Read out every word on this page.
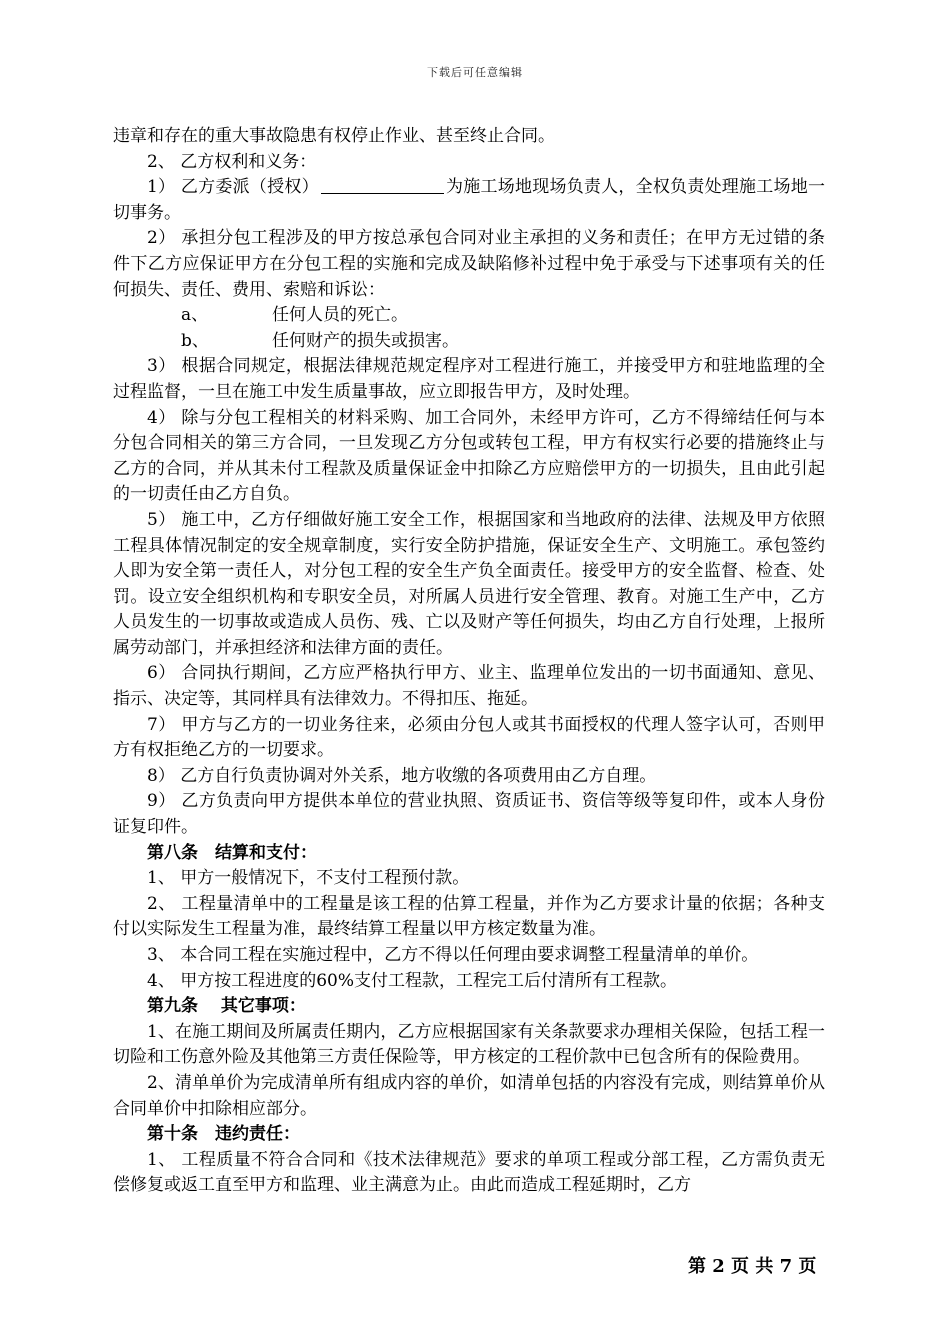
下载后可任意编辑

违章和存在的重大事故隐患有权停止作业、甚至终止合同。

2、 乙方权利和义务：

1） 乙方委派（授权）	为施工场地现场负责人，全权负责处理施工场地一切事务。

2） 承担分包工程涉及的甲方按总承包合同对业主承担的义务和责任；在甲方无过错的条件下乙方应保证甲方在分包工程的实施和完成及缺陷修补过程中免于承受与下述事项有关的任何损失、责任、费用、索赔和诉讼：

a、	任何人员的死亡。

b、	任何财产的损失或损害。

3） 根据合同规定，根据法律规范规定程序对工程进行施工，并接受甲方和驻地监理的全过程监督，一旦在施工中发生质量事故，应立即报告甲方，及时处理。

4） 除与分包工程相关的材料采购、加工合同外，未经甲方许可，乙方不得缔结任何与本分包合同相关的第三方合同，一旦发现乙方分包或转包工程，甲方有权实行必要的措施终止与乙方的合同，并从其未付工程款及质量保证金中扣除乙方应赔偿甲方的一切损失，且由此引起的一切责任由乙方自负。

5） 施工中，乙方仔细做好施工安全工作，根据国家和当地政府的法律、法规及甲方依照工程具体情况制定的安全规章制度，实行安全防护措施，保证安全生产、文明施工。承包签约人即为安全第一责任人，对分包工程的安全生产负全面责任。接受甲方的安全监督、检查、处罚。设立安全组织机构和专职安全员，对所属人员进行安全管理、教育。对施工生产中，乙方人员发生的一切事故或造成人员伤、残、亡以及财产等任何损失，均由乙方自行处理，上报所属劳动部门，并承担经济和法律方面的责任。

6） 合同执行期间，乙方应严格执行甲方、业主、监理单位发出的一切书面通知、意见、指示、决定等，其同样具有法律效力。不得扣压、拖延。

7） 甲方与乙方的一切业务往来，必须由分包人或其书面授权的代理人签字认可，否则甲方有权拒绝乙方的一切要求。

8） 乙方自行负责协调对外关系，地方收缴的各项费用由乙方自理。

9） 乙方负责向甲方提供本单位的营业执照、资质证书、资信等级等复印件，或本人身份证复印件。

第八条　结算和支付：

1、 甲方一般情况下，不支付工程预付款。

2、 工程量清单中的工程量是该工程的估算工程量，并作为乙方要求计量的依据；各种支付以实际发生工程量为准，最终结算工程量以甲方核定数量为准。

3、 本合同工程在实施过程中，乙方不得以任何理由要求调整工程量清单的单价。

4、 甲方按工程进度的60%支付工程款，工程完工后付清所有工程款。

第九条　 其它事项：

1、在施工期间及所属责任期内，乙方应根据国家有关条款要求办理相关保险，包括工程一切险和工伤意外险及其他第三方责任保险等，甲方核定的工程价款中已包含所有的保险费用。

2、清单单价为完成清单所有组成内容的单价，如清单包括的内容没有完成，则结算单价从合同单价中扣除相应部分。

第十条　违约责任：

1、 工程质量不符合合同和《技术法律规范》要求的单项工程或分部工程，乙方需负责无偿修复或返工直至甲方和监理、业主满意为止。由此而造成工程延期时，乙方

第 2 页 共 7 页
